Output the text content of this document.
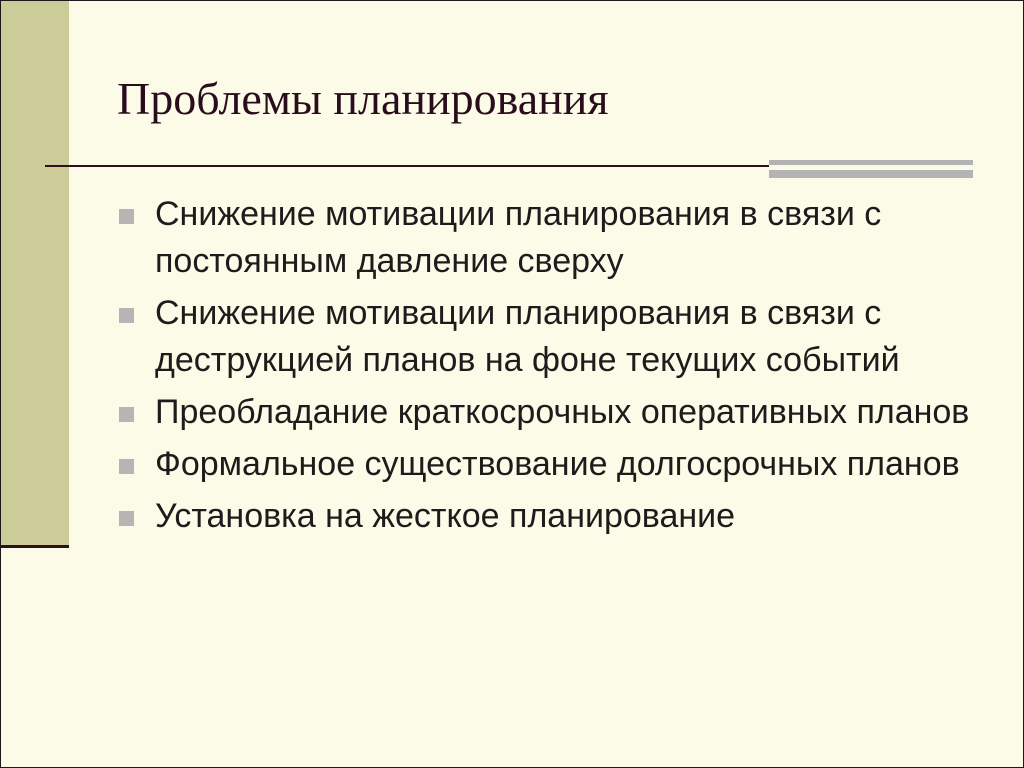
Проблемы планирования
Снижение мотивации планирования в связи с постоянным давление сверху
Снижение мотивации планирования в связи с деструкцией планов на фоне текущих событий
Преобладание краткосрочных оперативных планов
Формальное существование долгосрочных планов
Установка на жесткое планирование
